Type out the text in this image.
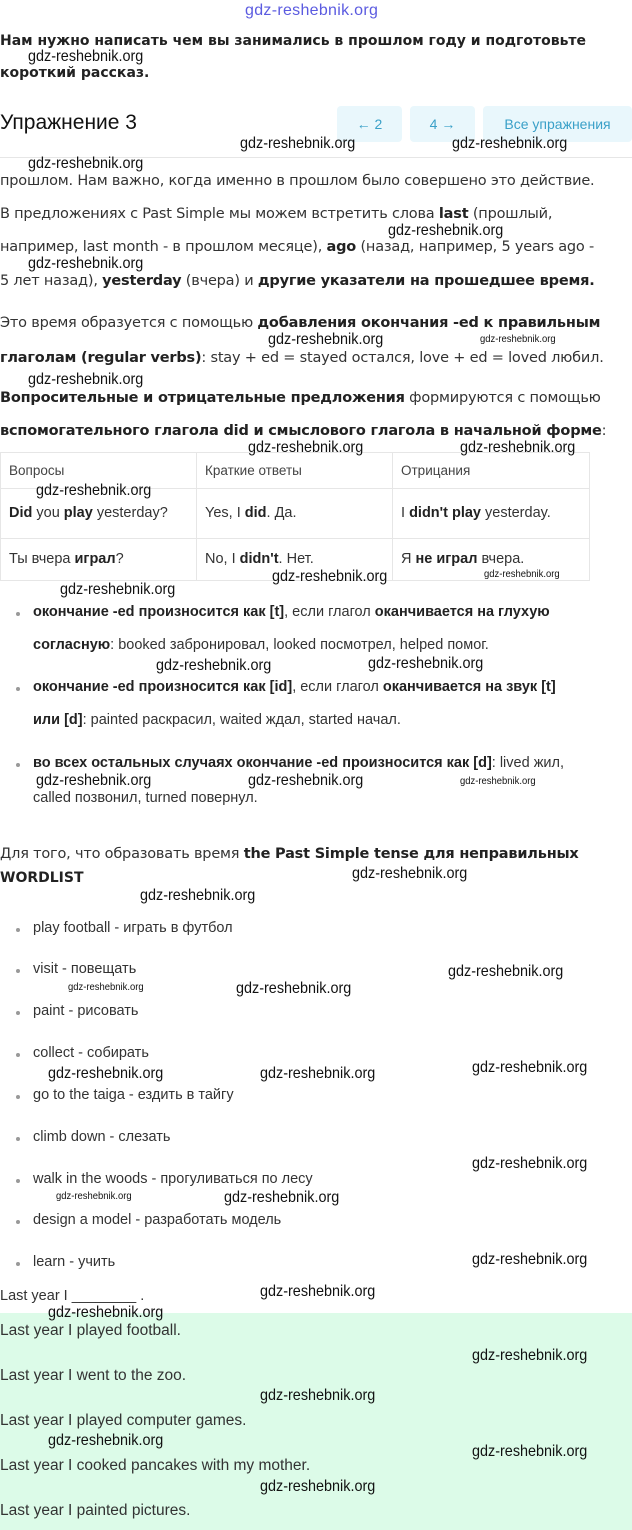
gdz-reshebnik.org
Нам нужно написать чем вы занимались в прошлом году и подготовьте
короткий рассказ.
Упражнение 3	← 2	4 →	Все упражнения
прошлом. Нам важно, когда именно в прошлом было совершено это действие.
В предложениях с Past Simple мы можем встретить слова last (прошлый,
например, last month - в прошлом месяце), ago (назад, например, 5 years ago -
5 лет назад), yesterday (вчера) и другие указатели на прошедшее время.
Это время образуется с помощью добавления окончания -ed к правильным
глаголам (regular verbs): stay + ed = stayed остался, love + ed = loved любил.
Вопросительные и отрицательные предложения формируются с помощью
вспомогательного глагола did и смыслового глагола в начальной форме:
Вопросы	Краткие ответы	Отрицания
Did you play yesterday?	Yes, I did. Да.	I didn't play yesterday.
Ты вчера играл?	No, I didn't. Нет.	Я не играл вчера.
окончание -ed произносится как [t], если глагол оканчивается на глухую
согласную: booked забронировал, looked посмотрел, helped помог.
окончание -ed произносится как [id], если глагол оканчивается на звук [t]
или [d]: painted раскрасил, waited ждал, started начал.
во всех остальных случаях окончание -ed произносится как [d]: lived жил,
called позвонил, turned повернул.
Для того, что образовать время the Past Simple tense для неправильных
WORDLIST
play football - играть в футбол
visit - повещать
paint - рисовать
collect - собирать
go to the taiga - ездить в тайгу
climb down - слезать
walk in the woods - прогуливаться по лесу
design a model - разработать модель
learn - учить
Last year I ________ .
Last year I played football.
Last year I went to the zoo.
Last year I played computer games.
Last year I cooked pancakes with my mother.
Last year I painted pictures.
gdz-reshebnik.org
gdz-reshebnik.org	gdz-reshebnik.org
gdz-reshebnik.org
gdz-reshebnik.org
gdz-reshebnik.org
gdz-reshebnik.org	gdz-reshebnik.org
gdz-reshebnik.org
gdz-reshebnik.org	gdz-reshebnik.org
gdz-reshebnik.org
gdz-reshebnik.org	gdz-reshebnik.org
gdz-reshebnik.org
gdz-reshebnik.org	gdz-reshebnik.org
gdz-reshebnik.org	gdz-reshebnik.org	gdz-reshebnik.org
gdz-reshebnik.org
gdz-reshebnik.org
gdz-reshebnik.org	gdz-reshebnik.org
gdz-reshebnik.org
gdz-reshebnik.org	gdz-reshebnik.org	gdz-reshebnik.org
gdz-reshebnik.org
gdz-reshebnik.org	gdz-reshebnik.org
gdz-reshebnik.org
gdz-reshebnik.org
gdz-reshebnik.org
gdz-reshebnik.org
gdz-reshebnik.org
gdz-reshebnik.org
gdz-reshebnik.org
gdz-reshebnik.org
